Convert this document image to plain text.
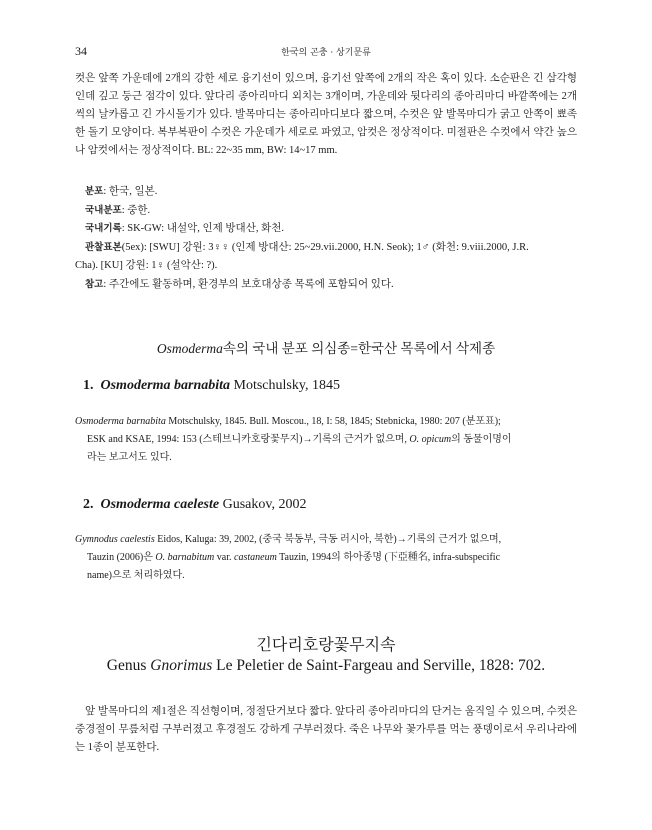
34	한국의 곤충 · 상기문류

컷은 앞쪽 가운데에 2개의 강한 세로 융기선이 있으며, 융기선 앞쪽에 2개의 작은 혹이 있다. 소순판은 긴 삼각형인데 깊고 둥근 점각이 있다. 앞다리 종아리마디 외치는 3개이며, 가운데와 뒷다리의 종아리마디 바깥쪽에는 2개씩의 날카롭고 긴 가시돌기가 있다. 발목마디는 종아리마디보다 짧으며, 수컷은 앞 발목마디가 굵고 안쪽이 뾰족한 돌기 모양이다. 복부복판이 수컷은 가운데가 세로로 파였고, 암컷은 정상적이다. 미절판은 수컷에서 약간 높으나 암컷에서는 정상적이다. BL: 22~35 mm, BW: 14~17 mm.

분포: 한국, 일본.
국내분포: 중한.
국내기록: SK-GW: 내설악, 인제 방대산, 화천.
관찰표본(5ex): [SWU] 강원: 3♀♀ (인제 방대산: 25~29.vii.2000, H.N. Seok); 1♂ (화천: 9.viii.2000, J.R.
Cha). [KU] 강원: 1♀ (설악산: ?).
참고: 주간에도 활동하며, 환경부의 보호대상종 목록에 포함되어 있다.
Osmoderma속의 국내 분포 의심종=한국산 목록에서 삭제종
1. Osmoderma barnabita Motschulsky, 1845
Osmoderma barnabita Motschulsky, 1845. Bull. Moscou., 18, I: 58, 1845; Stebnicka, 1980: 207 (분포표);
ESK and KSAE, 1994: 153 (스테브니카호랑꽃무지)→기록의 근거가 없으며, O. opicum의 동물이명이
라는 보고서도 있다.
2. Osmoderma caeleste Gusakov, 2002
Gymnodus caelestis Eidos, Kaluga: 39, 2002, (중국 북동부, 극동 러시아, 북한)→기록의 근거가 없으며,
Tauzin (2006)은 O. barnabitum var. castaneum Tauzin, 1994의 하아종명 (下亞種名, infra-subspecific
name)으로 처리하였다.
긴다리호랑꽃무지속
Genus Gnorimus Le Peletier de Saint-Fargeau and Serville, 1828: 702.

앞 발목마디의 제1절은 직선형이며, 정절단거보다 짧다. 앞다리 종아리마디의 단거는 움직일 수 있으며, 수컷은 중경절이 무릎처럼 구부러졌고 후경절도 강하게 구부러졌다. 죽은 나무와 꽃가루를 먹는 풍뎅이로서 우리나라에는 1종이 분포한다.
